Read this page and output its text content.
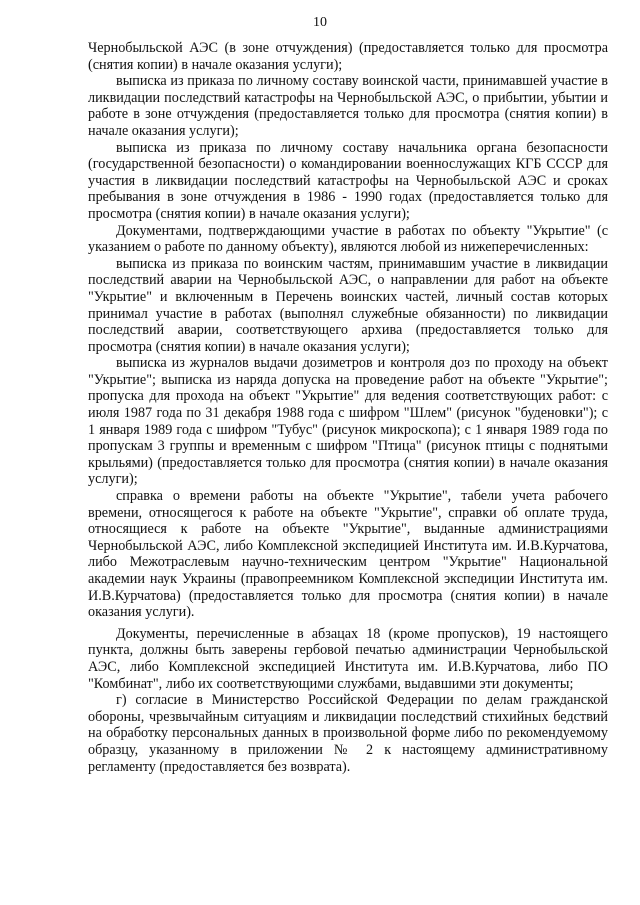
10

Чернобыльской АЭС (в зоне отчуждения) (предоставляется только для просмотра (снятия копии) в начале оказания услуги);

выписка из приказа по личному составу воинской части, принимавшей участие в ликвидации последствий катастрофы на Чернобыльской АЭС, о прибытии, убытии и работе в зоне отчуждения (предоставляется только для просмотра (снятия копии) в начале оказания услуги);

выписка из приказа по личному составу начальника органа безопасности (государственной безопасности) о командировании военнослужащих КГБ СССР для участия в ликвидации последствий катастрофы на Чернобыльской АЭС и сроках пребывания в зоне отчуждения в 1986 - 1990 годах (предоставляется только для просмотра (снятия копии) в начале оказания услуги);

Документами, подтверждающими участие в работах по объекту "Укрытие" (с указанием о работе по данному объекту), являются любой из нижеперечисленных:

выписка из приказа по воинским частям, принимавшим участие в ликвидации последствий аварии на Чернобыльской АЭС, о направлении для работ на объекте "Укрытие" и включенным в Перечень воинских частей, личный состав которых принимал участие в работах (выполнял служебные обязанности) по ликвидации последствий аварии, соответствующего архива (предоставляется только для просмотра (снятия копии) в начале оказания услуги);

выписка из журналов выдачи дозиметров и контроля доз по проходу на объект "Укрытие"; выписка из наряда допуска на проведение работ на объекте "Укрытие"; пропуска для прохода на объект "Укрытие" для ведения соответствующих работ: с июля 1987 года по 31 декабря 1988 года с шифром "Шлем" (рисунок "буденовки"); с 1 января 1989 года с шифром "Тубус" (рисунок микроскопа); с 1 января 1989 года по пропускам 3 группы и временным с шифром "Птица" (рисунок птицы с поднятыми крыльями) (предоставляется только для просмотра (снятия копии) в начале оказания услуги);

справка о времени работы на объекте "Укрытие", табели учета рабочего времени, относящегося к работе на объекте "Укрытие", справки об оплате труда, относящиеся к работе на объекте "Укрытие", выданные администрациями Чернобыльской АЭС, либо Комплексной экспедицией Института им. И.В.Курчатова, либо Межотраслевым научно-техническим центром "Укрытие" Национальной академии наук Украины (правопреемником Комплексной экспедиции Института им. И.В.Курчатова) (предоставляется только для просмотра (снятия копии) в начале оказания услуги).

Документы, перечисленные в абзацах 18 (кроме пропусков), 19 настоящего пункта, должны быть заверены гербовой печатью администрации Чернобыльской АЭС, либо Комплексной экспедицией Института им. И.В.Курчатова, либо ПО "Комбинат", либо их соответствующими службами, выдавшими эти документы;

г) согласие в Министерство Российской Федерации по делам гражданской обороны, чрезвычайным ситуациям и ликвидации последствий стихийных бедствий на обработку персональных данных в произвольной форме либо по рекомендуемому образцу, указанному в приложении № 2 к настоящему административному регламенту (предоставляется без возврата).
